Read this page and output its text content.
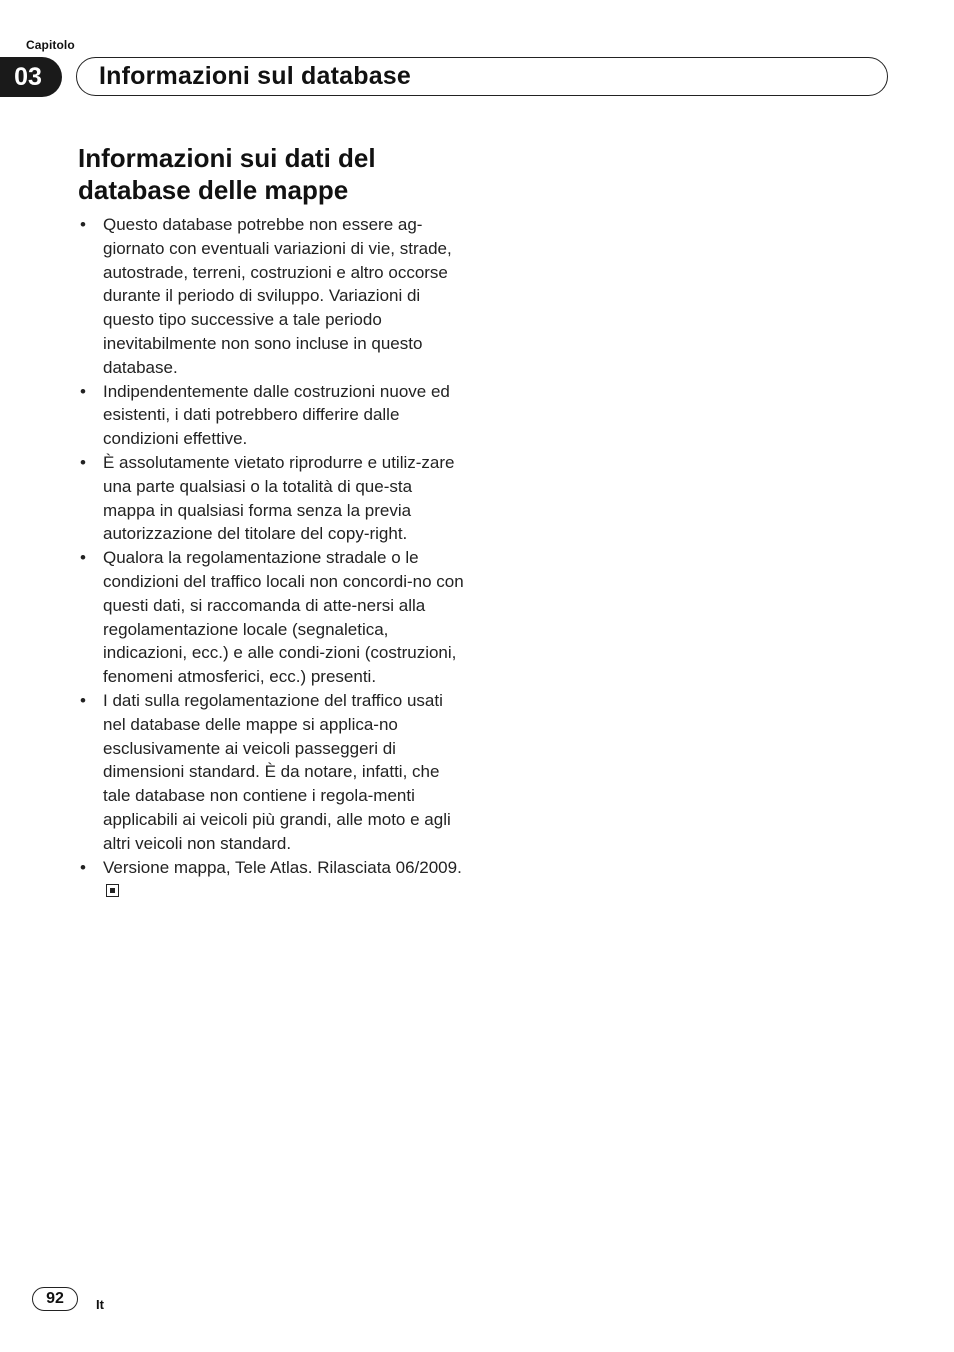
Capitolo
03	Informazioni sul database
Informazioni sui dati del
database delle mappe
• Questo database potrebbe non essere ag-giornato con eventuali variazioni di vie, strade, autostrade, terreni, costruzioni e altro occorse durante il periodo di sviluppo. Variazioni di questo tipo successive a tale periodo inevitabilmente non sono incluse in questo database.
• Indipendentemente dalle costruzioni nuove ed esistenti, i dati potrebbero differire dalle condizioni effettive.
• È assolutamente vietato riprodurre e utiliz-zare una parte qualsiasi o la totalità di que-sta mappa in qualsiasi forma senza la previa autorizzazione del titolare del copy-right.
• Qualora la regolamentazione stradale o le condizioni del traffico locali non concordi-no con questi dati, si raccomanda di atte-nersi alla regolamentazione locale (segnaletica, indicazioni, ecc.) e alle condi-zioni (costruzioni, fenomeni atmosferici, ecc.) presenti.
• I dati sulla regolamentazione del traffico usati nel database delle mappe si applica-no esclusivamente ai veicoli passeggeri di dimensioni standard. È da notare, infatti, che tale database non contiene i regola-menti applicabili ai veicoli più grandi, alle moto e agli altri veicoli non standard.
• Versione mappa, Tele Atlas. Rilasciata 06/2009.
92	It
